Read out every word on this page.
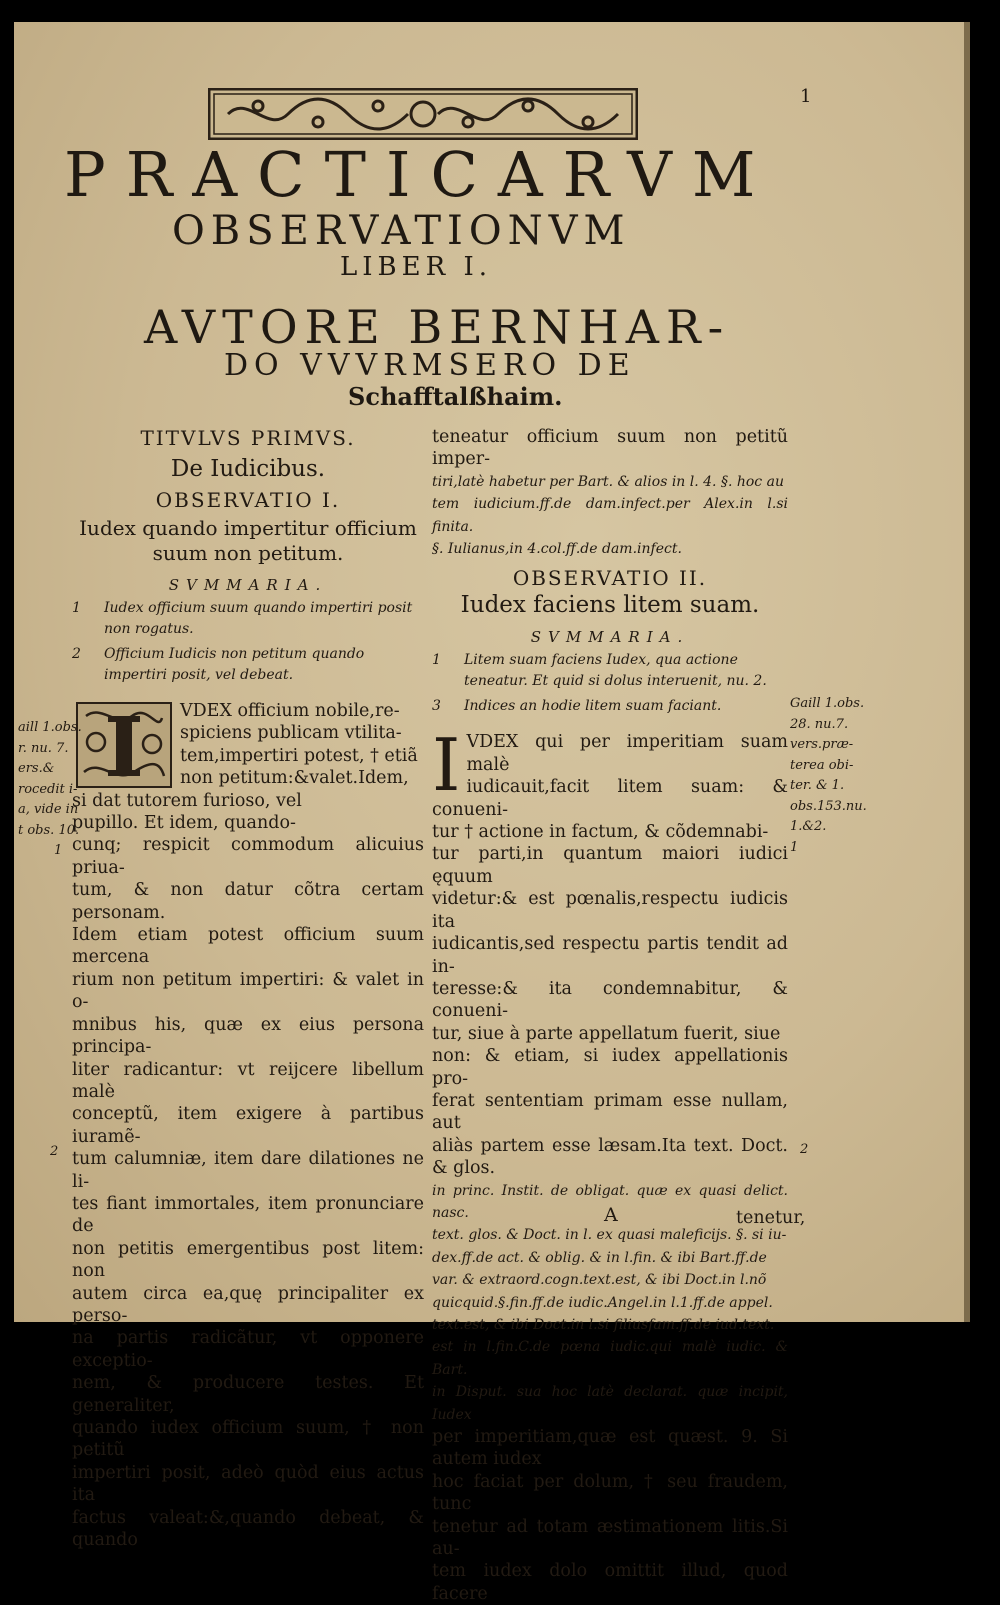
1
PRACTICARVM
OBSERVATIONVM
LIBER I.
AVTORE BERNHAR-
DO VVVRMSERO DE
Schafftalßhaim.
TITVLVS PRIMVS.
De Iudicibus.
OBSERVATIO I.
Iudex quando impertitur officium suum non petitum.
SVMMARIA.
1	Iudex officium suum quando impertiri posit non rogatus.
2	Officium Iudicis non petitum quando impertiri posit, vel debeat.

VDEX officium nobile,re-

spiciens publicam vtilita-

tem,impertiri potest, † etiã

non petitum:&valet.Idem,

si dat tutorem furioso, vel

pupillo. Et idem, quando-

cunq; respicit commodum alicuius priua-

tum, & non datur cõtra certam personam.

Idem etiam potest officium suum mercena

rium non petitum impertiri: & valet in o-

mnibus his, quæ ex eius persona principa-

liter radicantur: vt reijcere libellum malè

conceptũ, item exigere à partibus iuramẽ-

tum calumniæ, item dare dilationes ne li-

tes fiant immortales, item pronunciare de

non petitis emergentibus post litem: non

autem circa ea,quę principaliter ex perso-

na partis radicãtur, vt opponere exceptio-

nem, & producere testes. Et generaliter,

quando iudex officium suum, † non petitũ

impertiri posit, adeò quòd eius actus ita

factus valeat:&,quando debeat, & quando

aill 1.obs.
r. nu. 7.
ers.&
rocedit i-
a, vide in
t obs. 10.
1
2

teneatur officium suum non petitũ imper-

tiri,latè habetur per Bart. & alios in l. 4. §. hoc au

tem iudicium.ff.de dam.infect.per Alex.in l.si finita.

§. Iulianus,in 4.col.ff.de dam.infect.

OBSERVATIO II.
Iudex faciens litem suam.
SVMMARIA.
1	Litem suam faciens Iudex, qua actione teneatur. Et quid si dolus interuenit, nu. 2.
3	Indices an hodie litem suam faciant.
I VDEX qui per imperitiam suam malè

iudicauit,facit litem suam: & conueni-

tur † actione in factum, & cõdemnabi-

tur parti,in quantum maiori iudici ęquum

videtur:& est pœnalis,respectu iudicis ita

iudicantis,sed respectu partis tendit ad in-

teresse:& ita condemnabitur, & conueni-

tur, siue à parte appellatum fuerit, siue

non: & etiam, si iudex appellationis pro-

ferat sententiam primam esse nullam, aut

aliàs partem esse læsam.Ita text. Doct. & glos.

in princ. Instit. de obligat. quæ ex quasi delict. nasc.

text. glos. & Doct. in l. ex quasi maleficijs. §. si iu-

dex.ff.de act. & oblig. & in l.fin. & ibi Bart.ff.de

var. & extraord.cogn.text.est, & ibi Doct.in l.nõ

quicquid.§.fin.ff.de iudic.Angel.in l.1.ff.de appel.

text.est, & ibi Doct.in l.si filiusfam.ff.de iud.text.

est in l.fin.C.de pœna iudic.qui malè iudic. & Bart.

in Disput. sua hoc latè declarat. quæ incipit, Iudex

per imperitiam,quæ est quæst. 9. Si autem iudex

hoc faciat per dolum, † seu fraudem, tunc

tenetur ad totam æstimationem litis.Si au-

tem iudex dolo omittit illud, quod facere

Gaill 1.obs.
28. nu.7.
vers.præ-
terea obi-
ter. & 1.
obs.153.nu.
1.&2.
1
2
A	tenetur,
